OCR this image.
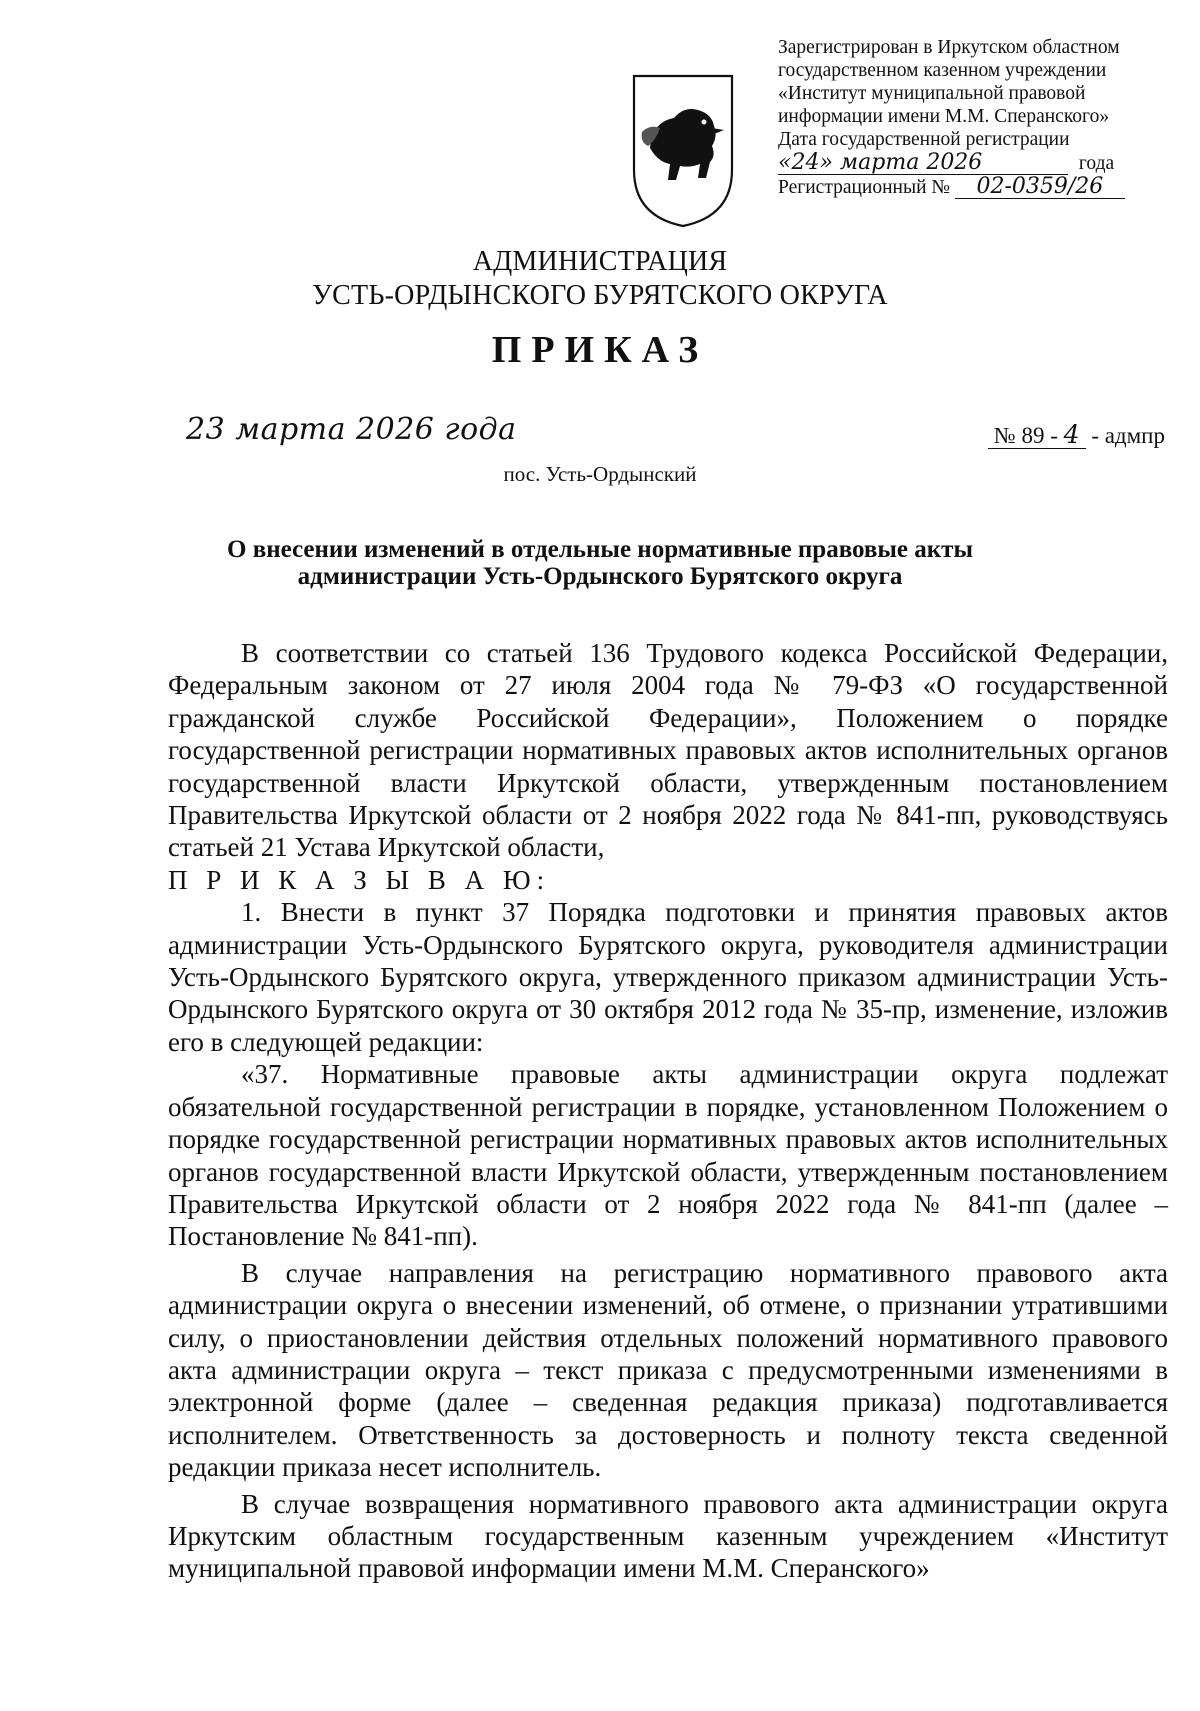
Зарегистрирован в Иркутском областном
государственном казенном учреждении
«Институт муниципальной правовой
информации имени М.М. Сперанского»
Дата государственной регистрации
«24» марта 2026	года
Регистрационный № 02-0359/26
АДМИНИСТРАЦИЯ
УСТЬ-ОРДЫНСКОГО БУРЯТСКОГО ОКРУГА
ПРИКАЗ
23 марта 2026 года	№ 89 - 4 - адмпр
пос. Усть-Ордынский
О внесении изменений в отдельные нормативные правовые акты
администрации Усть-Ордынского Бурятского округа

В соответствии со статьей 136 Трудового кодекса Российской Федерации, Федеральным законом от 27 июля 2004 года № 79-ФЗ «О государственной гражданской службе Российской Федерации», Положением о порядке государственной регистрации нормативных правовых актов исполнительных органов государственной власти Иркутской области, утвержденным постановлением Правительства Иркутской области от 2 ноября 2022 года № 841-пп, руководствуясь статьей 21 Устава Иркутской области,

П Р И К А З Ы В А Ю:

1. Внести в пункт 37 Порядка подготовки и принятия правовых актов администрации Усть-Ордынского Бурятского округа, руководителя администрации Усть-Ордынского Бурятского округа, утвержденного приказом администрации Усть-Ордынского Бурятского округа от 30 октября 2012 года № 35-пр, изменение, изложив его в следующей редакции:

«37. Нормативные правовые акты администрации округа подлежат обязательной государственной регистрации в порядке, установленном Положением о порядке государственной регистрации нормативных правовых актов исполнительных органов государственной власти Иркутской области, утвержденным постановлением Правительства Иркутской области от 2 ноября 2022 года № 841-пп (далее – Постановление № 841-пп).

В случае направления на регистрацию нормативного правового акта администрации округа о внесении изменений, об отмене, о признании утратившими силу, о приостановлении действия отдельных положений нормативного правового акта администрации округа – текст приказа с предусмотренными изменениями в электронной форме (далее – сведенная редакция приказа) подготавливается исполнителем. Ответственность за достоверность и полноту текста сведенной редакции приказа несет исполнитель.

В случае возвращения нормативного правового акта администрации округа Иркутским областным государственным казенным учреждением «Институт муниципальной правовой информации имени М.М. Сперанского»
